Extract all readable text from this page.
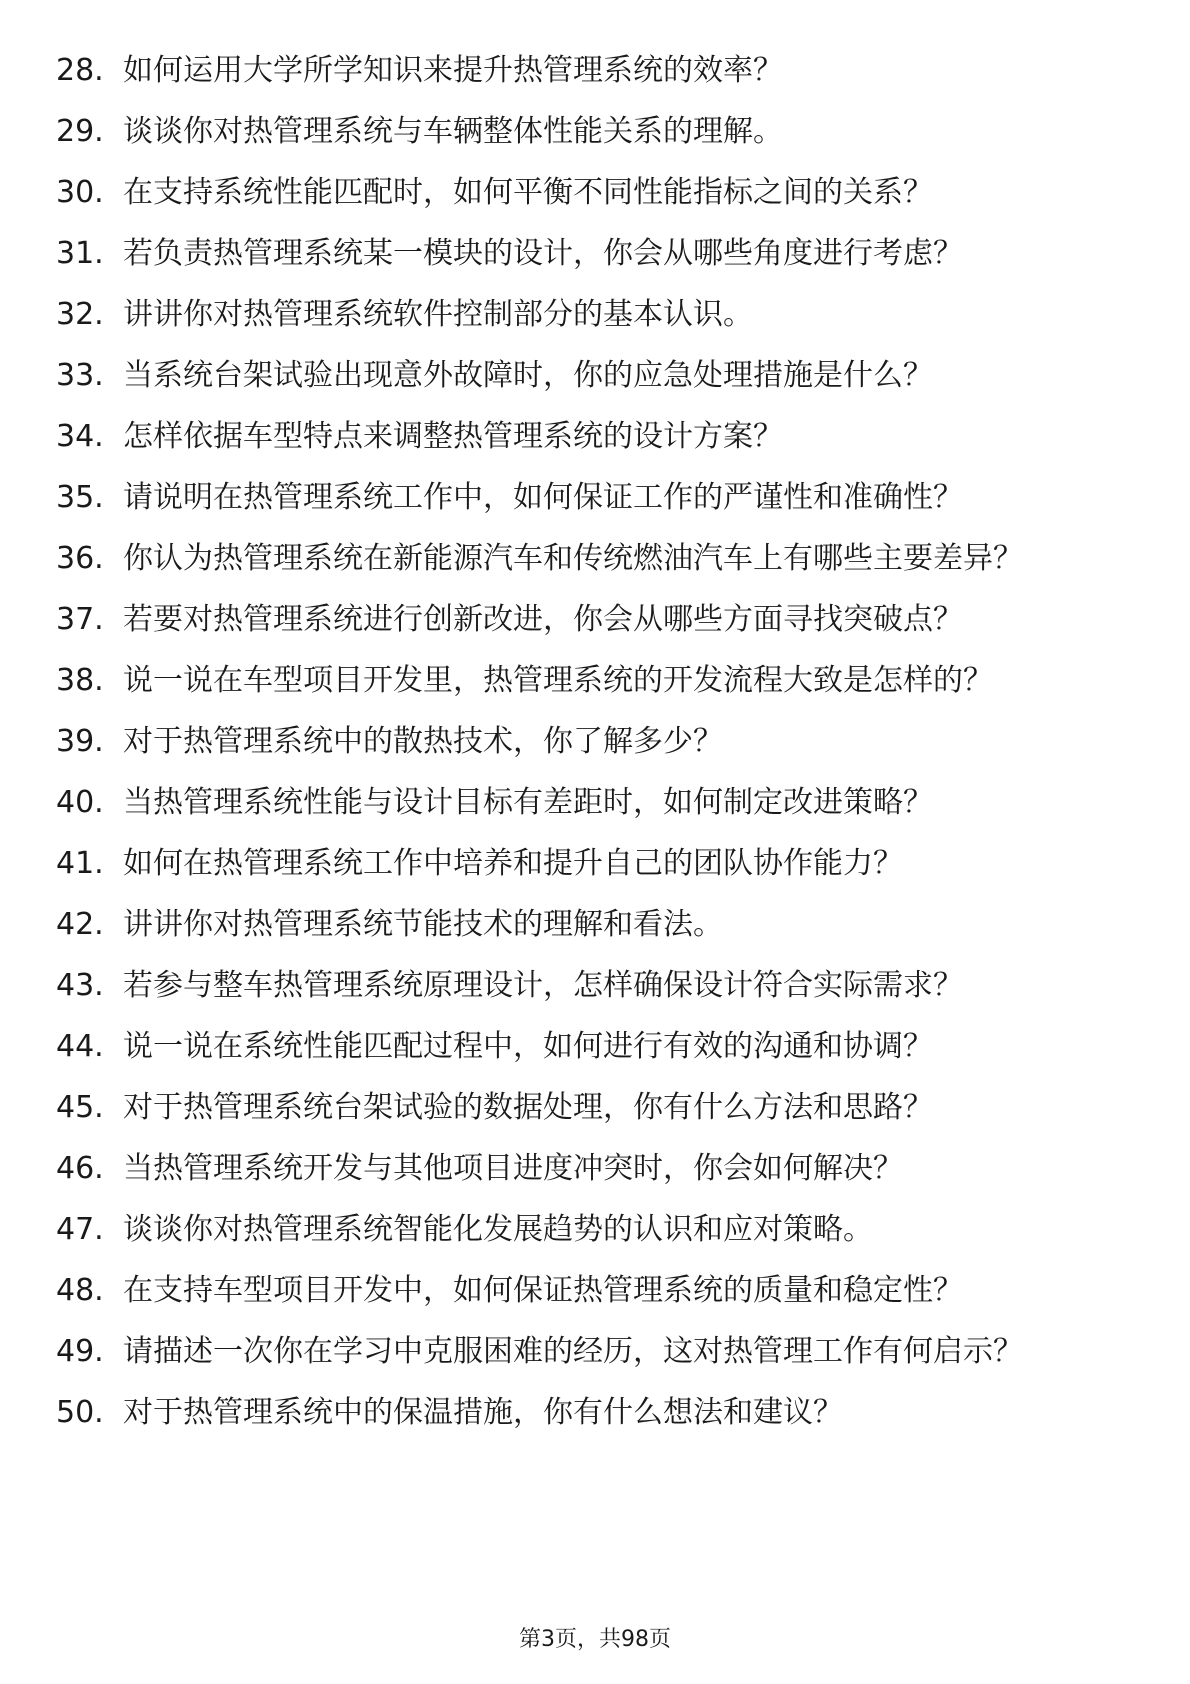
28. 如何运用大学所学知识来提升热管理系统的效率？
29. 谈谈你对热管理系统与车辆整体性能关系的理解。
30. 在支持系统性能匹配时，如何平衡不同性能指标之间的关系？
31. 若负责热管理系统某一模块的设计，你会从哪些角度进行考虑？
32. 讲讲你对热管理系统软件控制部分的基本认识。
33. 当系统台架试验出现意外故障时，你的应急处理措施是什么？
34. 怎样依据车型特点来调整热管理系统的设计方案？
35. 请说明在热管理系统工作中，如何保证工作的严谨性和准确性？
36. 你认为热管理系统在新能源汽车和传统燃油汽车上有哪些主要差异？
37. 若要对热管理系统进行创新改进，你会从哪些方面寻找突破点？
38. 说一说在车型项目开发里，热管理系统的开发流程大致是怎样的？
39. 对于热管理系统中的散热技术，你了解多少？
40. 当热管理系统性能与设计目标有差距时，如何制定改进策略？
41. 如何在热管理系统工作中培养和提升自己的团队协作能力？
42. 讲讲你对热管理系统节能技术的理解和看法。
43. 若参与整车热管理系统原理设计，怎样确保设计符合实际需求？
44. 说一说在系统性能匹配过程中，如何进行有效的沟通和协调？
45. 对于热管理系统台架试验的数据处理，你有什么方法和思路？
46. 当热管理系统开发与其他项目进度冲突时，你会如何解决？
47. 谈谈你对热管理系统智能化发展趋势的认识和应对策略。
48. 在支持车型项目开发中，如何保证热管理系统的质量和稳定性？
49. 请描述一次你在学习中克服困难的经历，这对热管理工作有何启示？
50. 对于热管理系统中的保温措施，你有什么想法和建议？
第3页，共98页
